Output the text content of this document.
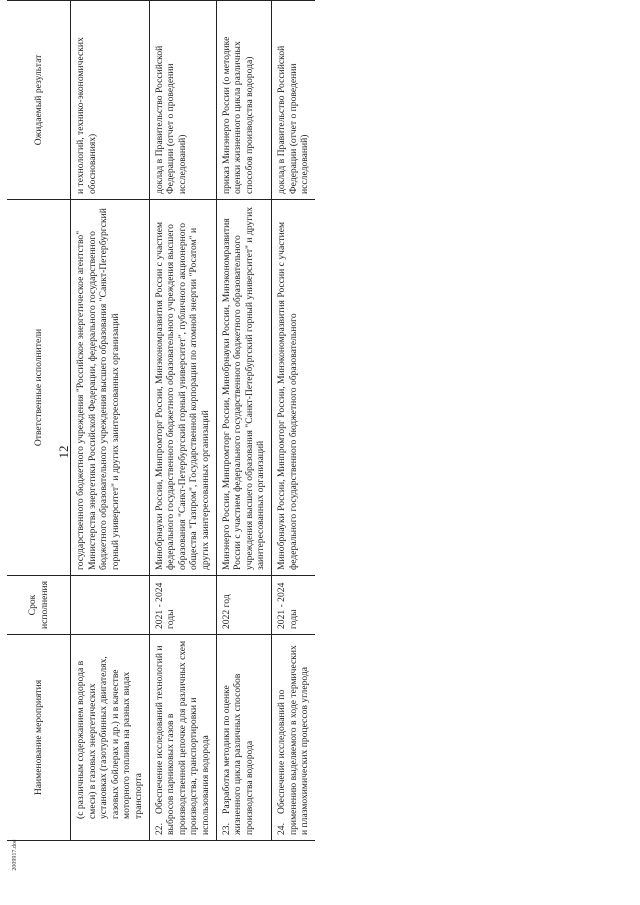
12
2009917.doc
Наименование мероприятия	Срок исполнения	Ответственные исполнители	Ожидаемый результат
(с различным содержанием водорода в смеси) в газовых энергетических установках (газотурбинных двигателях, газовых бойлерах и др.) и в качестве моторного топлива на разных видах транспорта		государственного бюджетного учреждения "Российское энергетическое агентство" Министерства энергетики Российской Федерации, федерального государственного бюджетного образовательного учреждения высшего образования "Санкт-Петербургский горный университет" и других заинтересованных организаций	и технологий, технико-экономических обоснованиях)
22.Обеспечение исследований технологий и выбросов парниковых газов в производственной цепочке для различных схем производства, транспортировки и использования водорода	2021 - 2024 годы	Минобрнауки России, Минпромторг России, Минэкономразвития России с участием федерального государственного бюджетного образовательного учреждения высшего образования "Санкт-Петербургский горный университет", публичного акционерного общества "Газпром", Государственной корпорации по атомной энергии "Росатом" и других заинтересованных организаций	доклад в Правительство Российской Федерации (отчет о проведении исследований)
23.Разработка методики по оценке жизненного цикла различных способов производства водорода	2022 год	Минэнерго России, Минпромторг России, Минобрнауки России, Минэкономразвития России с участием федерального государственного бюджетного образовательного учреждения высшего образования "Санкт-Петербургский горный университет" и других заинтересованных организаций	приказ Минэнерго России (о методике оценки жизненного цикла различных способов производства водорода)
24.Обеспечение исследований по применению выделяемого в ходе термических и плазмохимических процессов углерода	2021 - 2024 годы	Минобрнауки России, Минпромторг России, Минэкономразвития России с участием федерального государственного бюджетного образовательного	доклад в Правительство Российской Федерации (отчет о проведении исследований)
